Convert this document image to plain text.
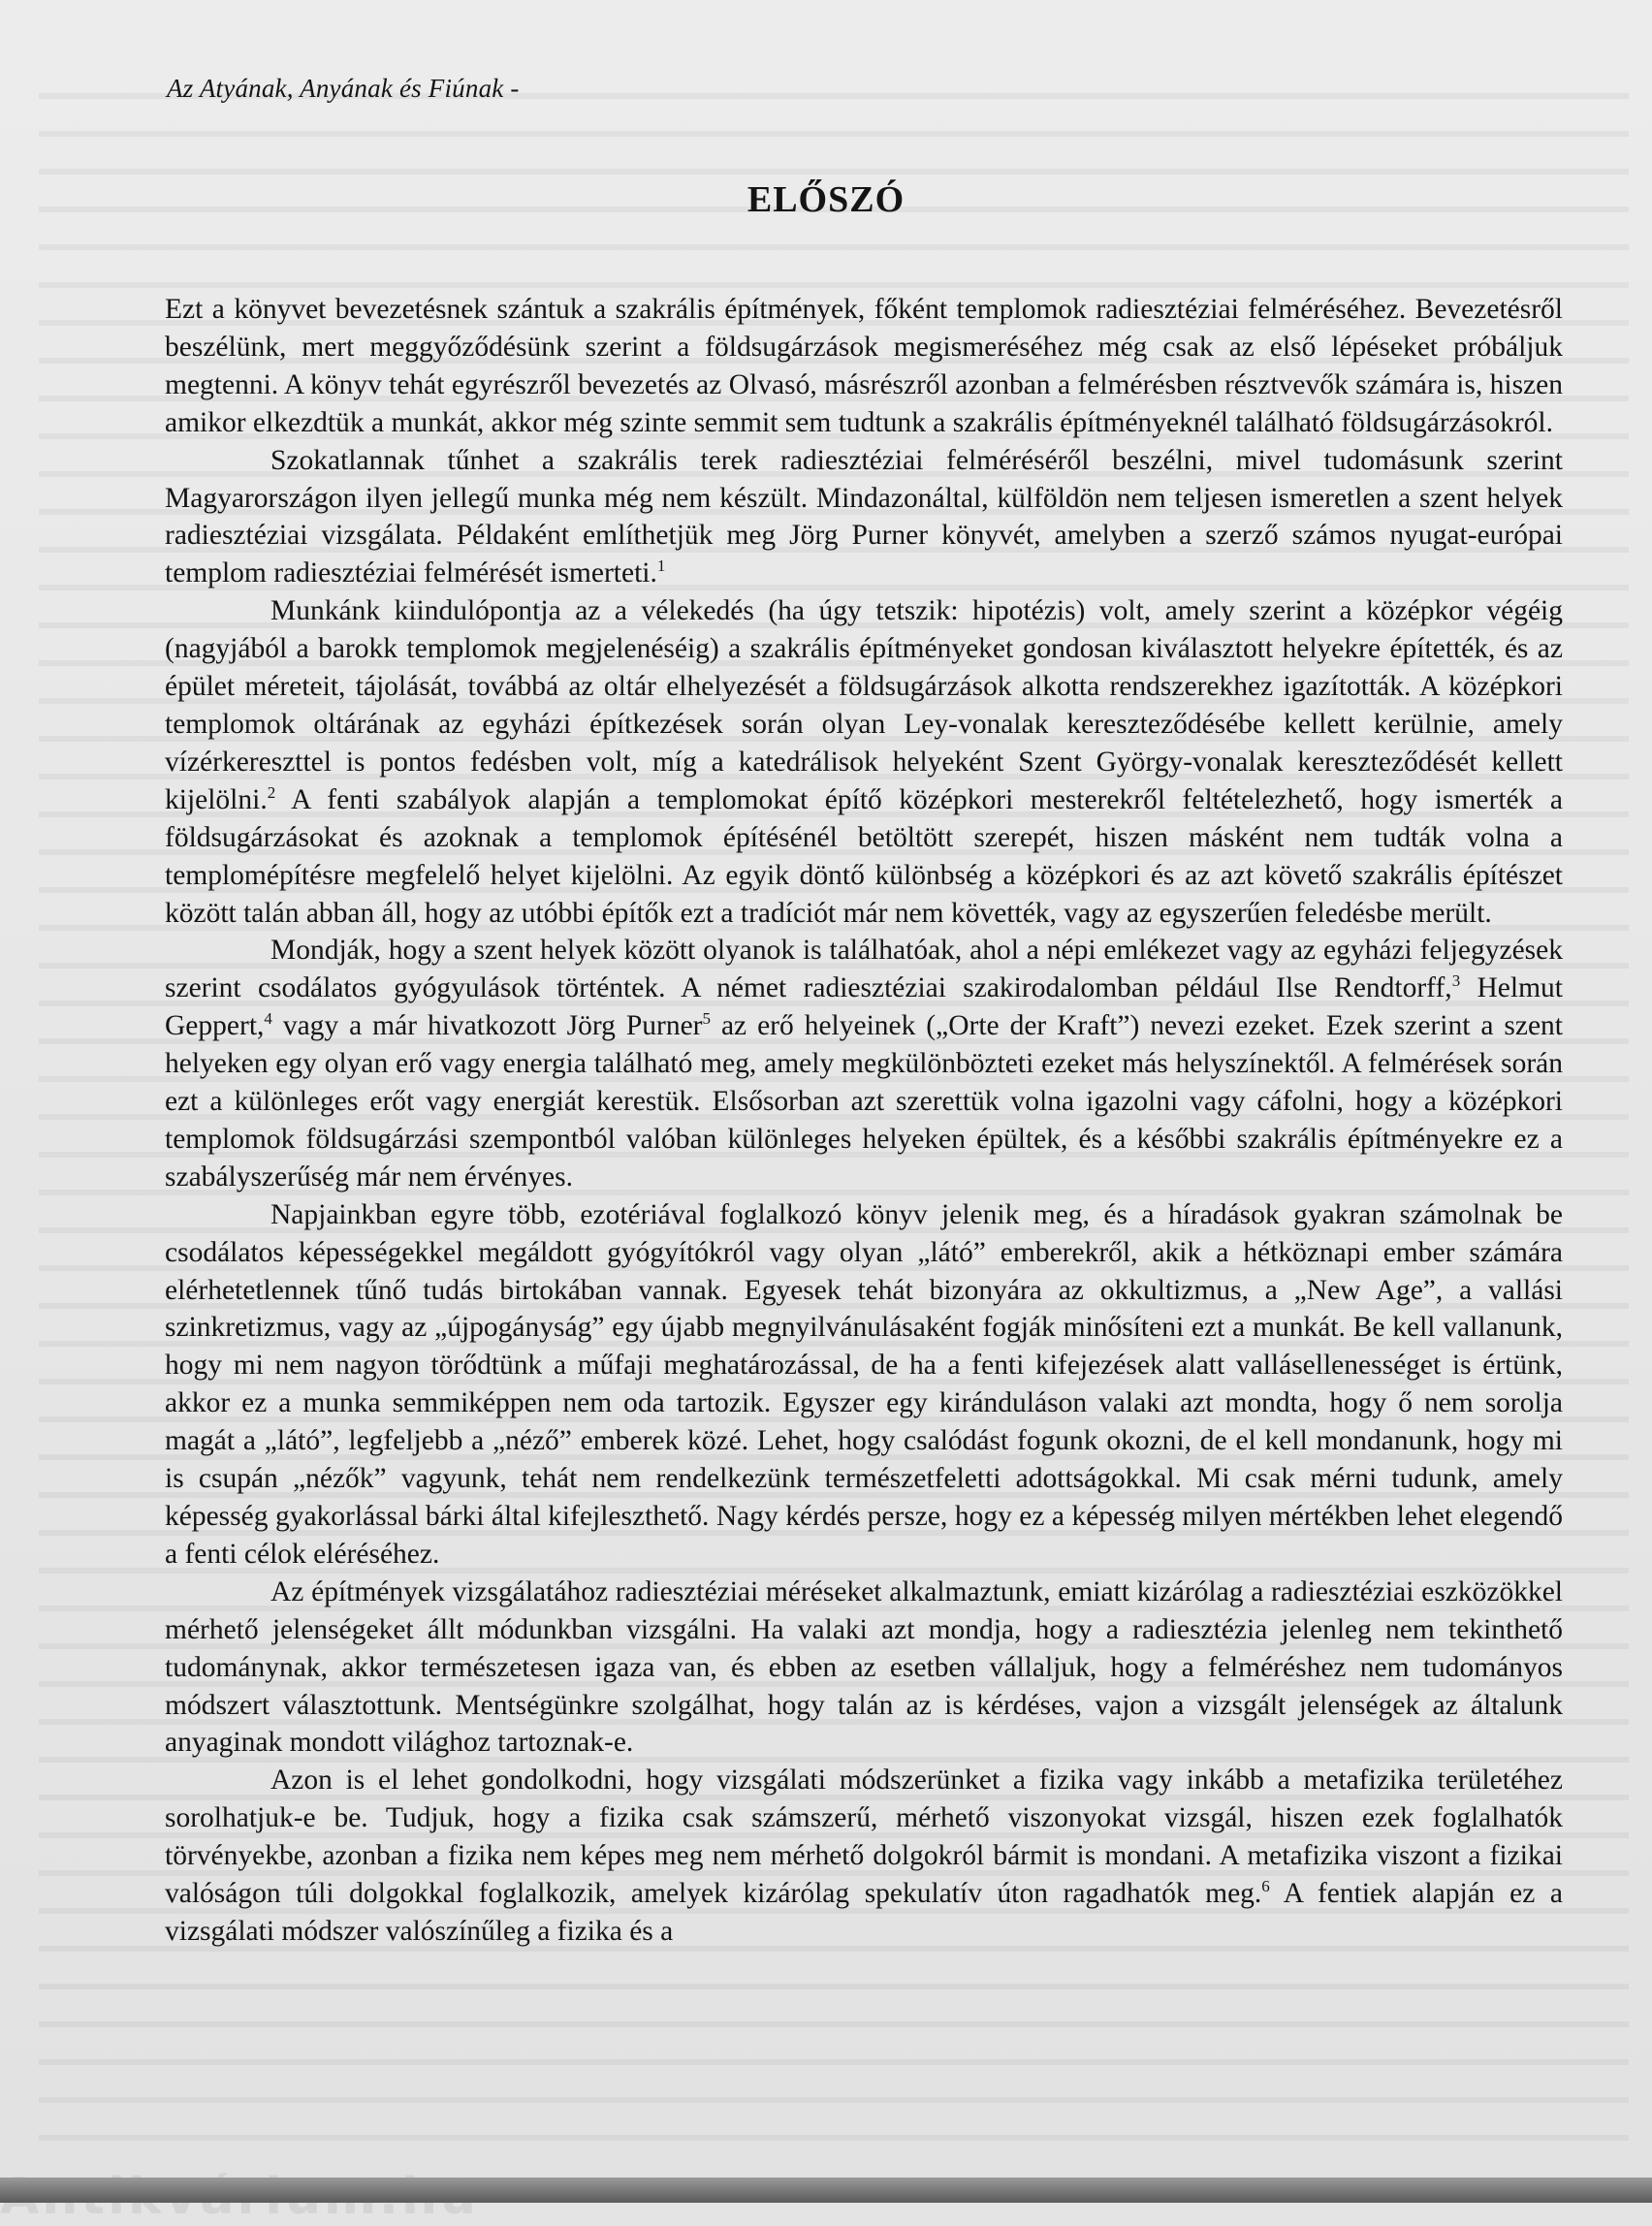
Az Atyának, Anyának és Fiúnak -
ELŐSZÓ

Ezt a könyvet bevezetésnek szántuk a szakrális építmények, főként templomok radiesztéziai felméréséhez. Bevezetésről beszélünk, mert meggyőződésünk szerint a földsugárzások megismeréséhez még csak az első lépéseket próbáljuk megtenni. A könyv tehát egyrészről bevezetés az Olvasó, másrészről azonban a felmérésben résztvevők számára is, hiszen amikor elkezdtük a munkát, akkor még szinte semmit sem tudtunk a szakrális építményeknél található földsugárzásokról.

Szokatlannak tűnhet a szakrális terek radiesztéziai felméréséről beszélni, mivel tudomásunk szerint Magyarországon ilyen jellegű munka még nem készült. Mindazonáltal, külföldön nem teljesen ismeretlen a szent helyek radiesztéziai vizsgálata. Példaként említhetjük meg Jörg Purner könyvét, amelyben a szerző számos nyugat-európai templom radiesztéziai felmérését ismerteti.$^1$

Munkánk kiindulópontja az a vélekedés (ha úgy tetszik: hipotézis) volt, amely szerint a középkor végéig (nagyjából a barokk templomok megjelenéséig) a szakrális építményeket gondosan kiválasztott helyekre építették, és az épület méreteit, tájolását, továbbá az oltár elhelyezését a földsugárzások alkotta rendszerekhez igazították. A középkori templomok oltárának az egyházi építkezések során olyan Ley-vonalak kereszteződésébe kellett kerülnie, amely vízérkereszttel is pontos fedésben volt, míg a katedrálisok helyeként Szent György-vonalak kereszteződését kellett kijelölni.$^2$ A fenti szabályok alapján a templomokat építő középkori mesterekről feltételezhető, hogy ismerték a földsugárzásokat és azoknak a templomok építésénél betöltött szerepét, hiszen másként nem tudták volna a templomépítésre megfelelő helyet kijelölni. Az egyik döntő különbség a középkori és az azt követő szakrális építészet között talán abban áll, hogy az utóbbi építők ezt a tradíciót már nem követték, vagy az egyszerűen feledésbe merült.

Mondják, hogy a szent helyek között olyanok is találhatóak, ahol a népi emlékezet vagy az egyházi feljegyzések szerint csodálatos gyógyulások történtek. A német radiesztéziai szakirodalomban például Ilse Rendtorff,$^3$ Helmut Geppert,$^4$ vagy a már hivatkozott Jörg Purner$^5$ az erő helyeinek („Orte der Kraft”) nevezi ezeket. Ezek szerint a szent helyeken egy olyan erő vagy energia található meg, amely megkülönbözteti ezeket más helyszínektől. A felmérések során ezt a különleges erőt vagy energiát kerestük. Elsősorban azt szerettük volna igazolni vagy cáfolni, hogy a középkori templomok földsugárzási szempontból valóban különleges helyeken épültek, és a későbbi szakrális építményekre ez a szabályszerűség már nem érvényes.

Napjainkban egyre több, ezotériával foglalkozó könyv jelenik meg, és a híradások gyakran számolnak be csodálatos képességekkel megáldott gyógyítókról vagy olyan „látó” emberekről, akik a hétköznapi ember számára elérhetetlennek tűnő tudás birtokában vannak. Egyesek tehát bizonyára az okkultizmus, a „New Age”, a vallási szinkretizmus, vagy az „újpogányság” egy újabb megnyilvánulásaként fogják minősíteni ezt a munkát. Be kell vallanunk, hogy mi nem nagyon törődtünk a műfaji meghatározással, de ha a fenti kifejezések alatt vallásellenességet is értünk, akkor ez a munka semmiképpen nem oda tartozik. Egyszer egy kiránduláson valaki azt mondta, hogy ő nem sorolja magát a „látó”, legfeljebb a „néző” emberek közé. Lehet, hogy csalódást fogunk okozni, de el kell mondanunk, hogy mi is csupán „nézők” vagyunk, tehát nem rendelkezünk természetfeletti adottságokkal. Mi csak mérni tudunk, amely képesség gyakorlással bárki által kifejleszthető. Nagy kérdés persze, hogy ez a képesség milyen mértékben lehet elegendő a fenti célok eléréséhez.

Az építmények vizsgálatához radiesztéziai méréseket alkalmaztunk, emiatt kizárólag a radiesztéziai eszközökkel mérhető jelenségeket állt módunkban vizsgálni. Ha valaki azt mondja, hogy a radiesztézia jelenleg nem tekinthető tudománynak, akkor természetesen igaza van, és ebben az esetben vállaljuk, hogy a felméréshez nem tudományos módszert választottunk. Mentségünkre szolgálhat, hogy talán az is kérdéses, vajon a vizsgált jelenségek az általunk anyaginak mondott világhoz tartoznak-e.

Azon is el lehet gondolkodni, hogy vizsgálati módszerünket a fizika vagy inkább a metafizika területéhez sorolhatjuk-e be. Tudjuk, hogy a fizika csak számszerű, mérhető viszonyokat vizsgál, hiszen ezek foglalhatók törvényekbe, azonban a fizika nem képes meg nem mérhető dolgokról bármit is mondani. A metafizika viszont a fizikai valóságon túli dolgokkal foglalkozik, amelyek kizárólag spekulatív úton ragadhatók meg.$^6$ A fentiek alapján ez a vizsgálati módszer valószínűleg a fizika és a
